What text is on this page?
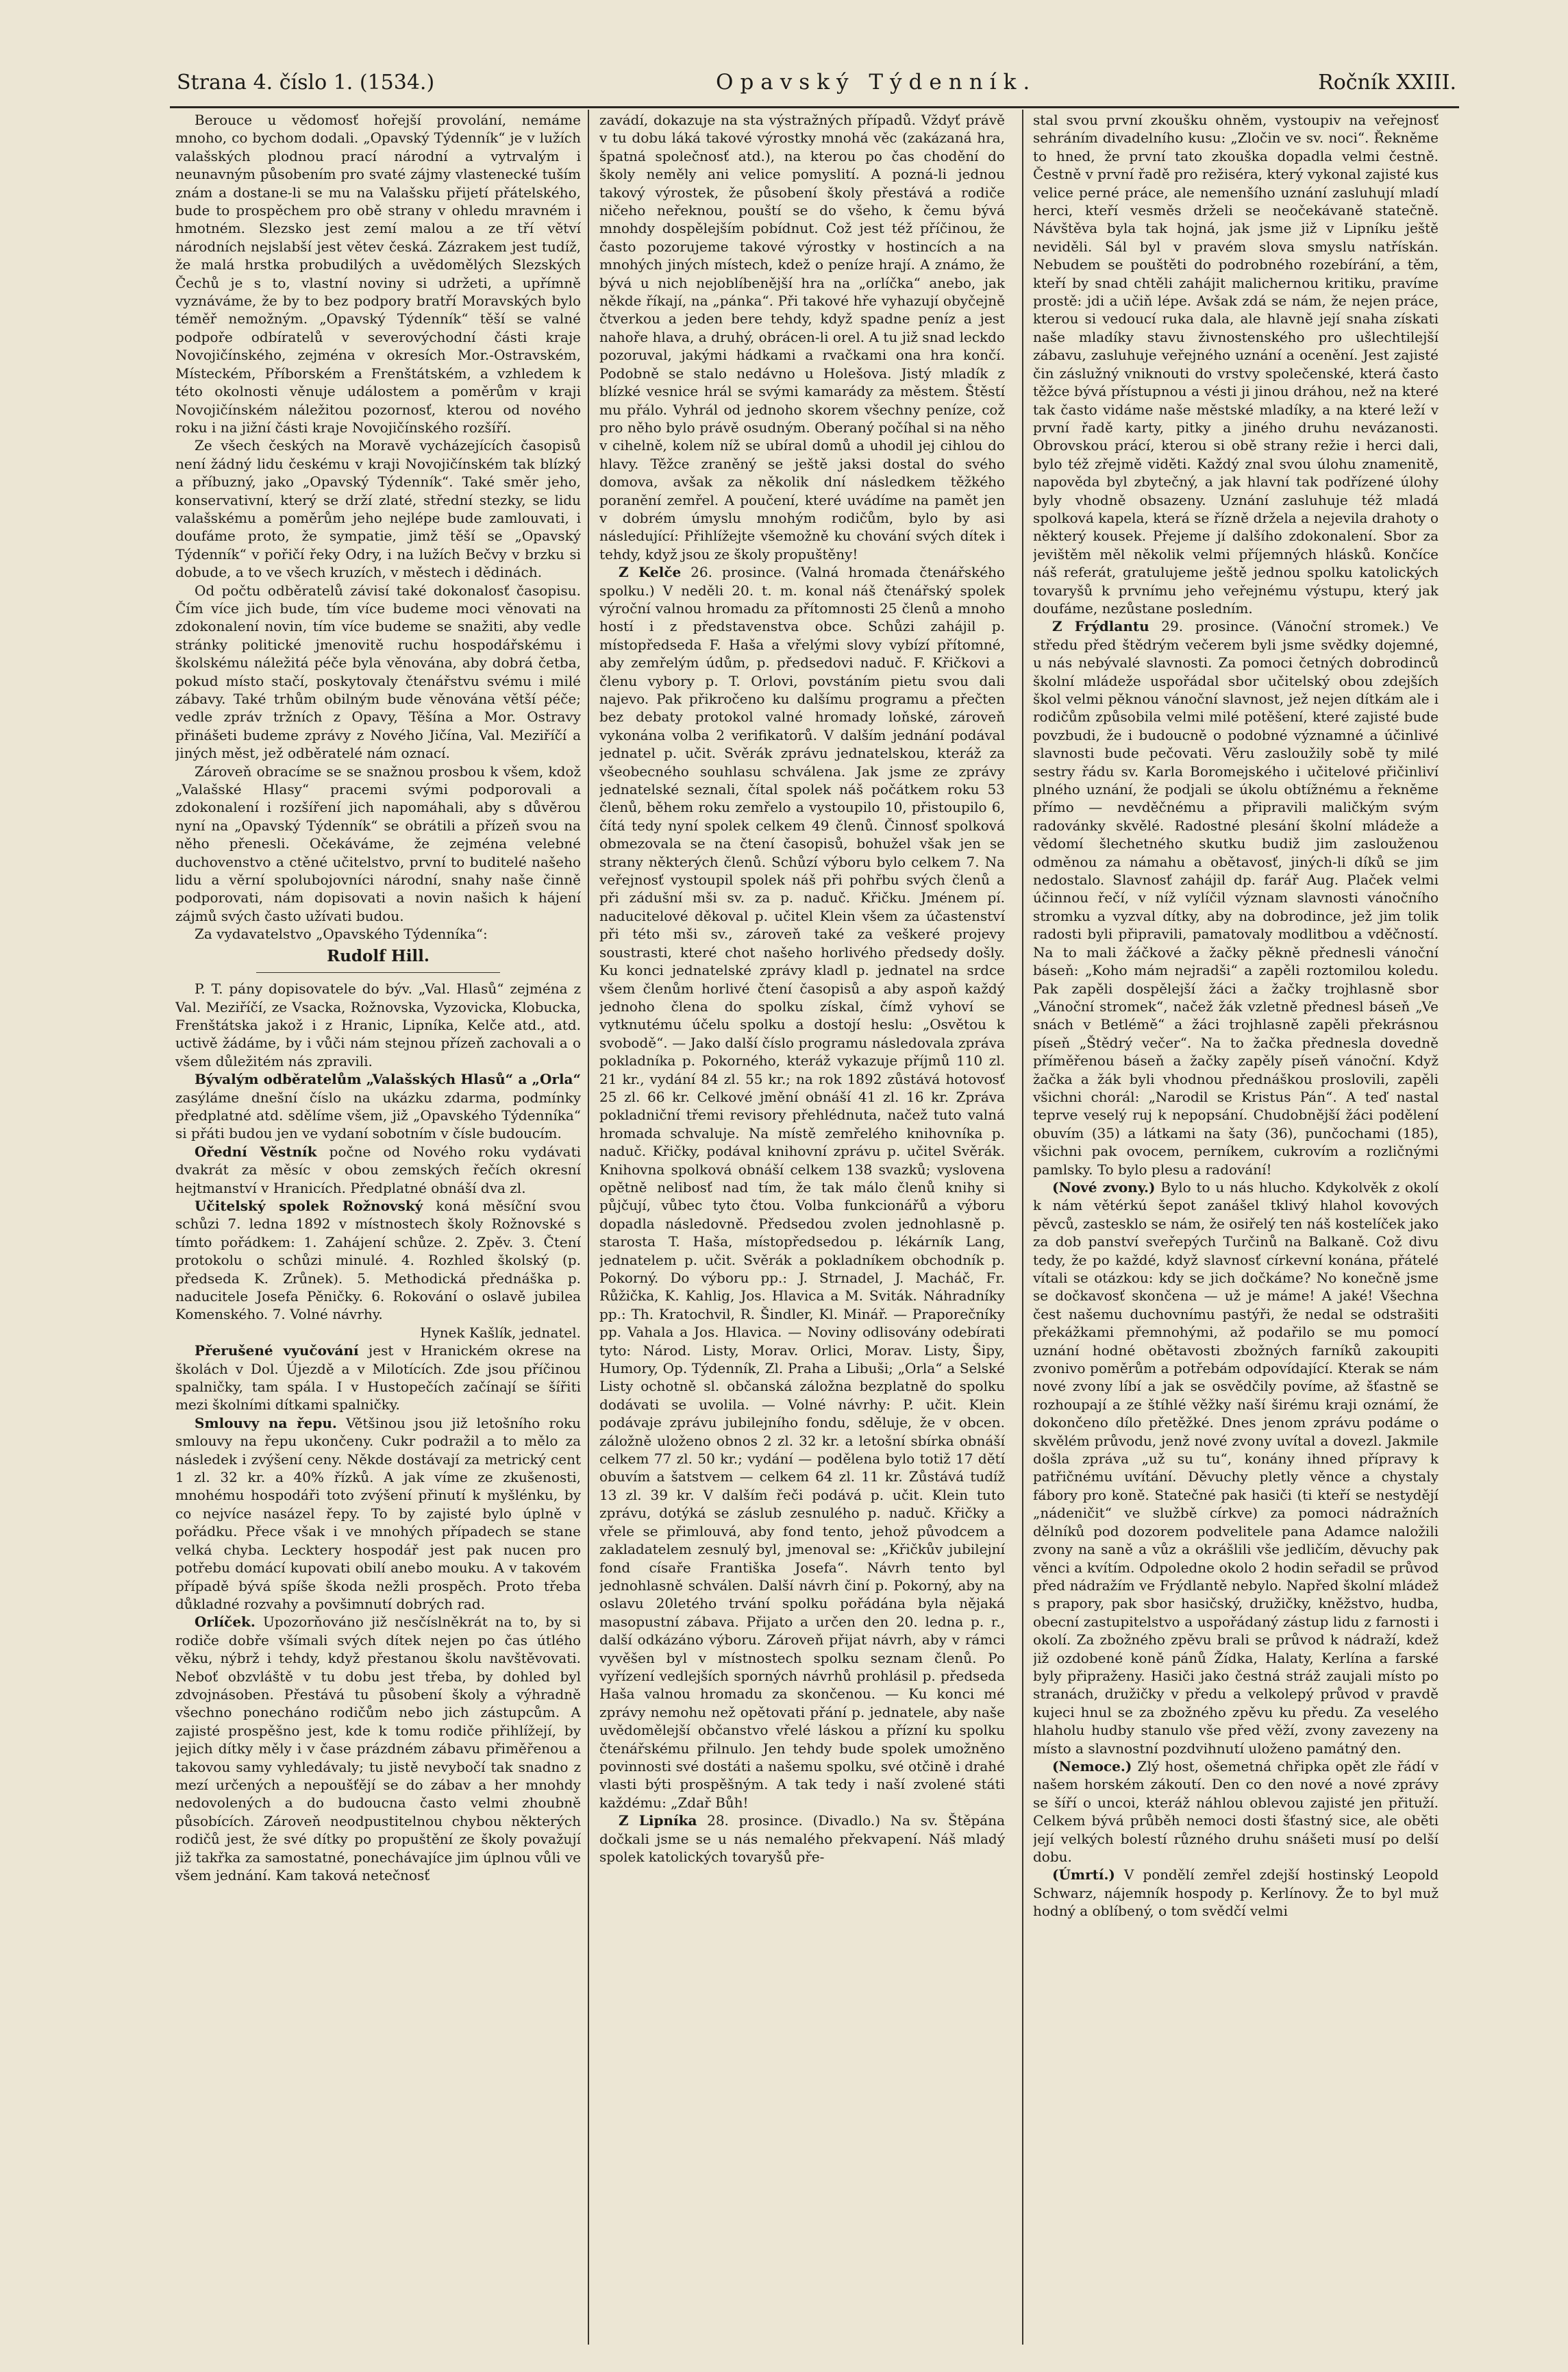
Strana 4. číslo 1. (1534.)	Opavský Týdenník.	Ročník XXIII.

Berouce u vědomosť hořejší provolání, nemáme mnoho, co bychom dodali. „Opavský Týdenník“ je v lužích valašských plodnou prací národní a vytrvalým i neunavným působením pro svaté zájmy vlastenecké tuším znám a dostane-li se mu na Valašsku přijetí přátelského, bude to prospěchem pro obě strany v ohledu mravném i hmotném. Slezsko jest zemí malou a ze tří větví národních nejslabší jest větev česká. Zázrakem jest tudíž, že malá hrstka probudilých a uvědomělých Slezských Čechů je s to, vlastní noviny si udržeti, a upřímně vyznáváme, že by to bez podpory bratří Moravských bylo téměř nemožným. „Opavský Týdenník“ těší se valné podpoře odbíratelů v severovýchodní části kraje Novojičínského, zejména v okresích Mor.-Ostravském, Místeckém, Příborském a Frenštátském, a vzhledem k této okolnosti věnuje událostem a poměrům v kraji Novojičínském náležitou pozornosť, kterou od nového roku i na jižní části kraje Novojičínského rozšíří.

Ze všech českých na Moravě vycházejících časopisů není žádný lidu českému v kraji Novojičínském tak blízký a příbuzný, jako „Opavský Týdenník“. Také směr jeho, konservativní, který se drží zlaté, střední stezky, se lidu valašskému a poměrům jeho nejlépe bude zamlouvati, i doufáme proto, že sympatie, jimž těší se „Opavský Týdenník“ v pořičí řeky Odry, i na lužích Bečvy v brzku si dobude, a to ve všech kruzích, v městech i dědinách.

Od počtu odběratelů závisí také dokonalosť časopisu. Čím více jich bude, tím více budeme moci věnovati na zdokonalení novin, tím více budeme se snažiti, aby vedle stránky politické jmenovitě ruchu hospodářskému i školskému náležitá péče byla věnována, aby dobrá četba, pokud místo stačí, poskytovaly čtenářstvu svému i milé zábavy. Také trhům obilným bude věnována větší péče; vedle zpráv tržních z Opavy, Těšína a Mor. Ostravy přinášeti budeme zprávy z Nového Jičína, Val. Meziříčí a jiných měst, jež odběratelé nám oznací.

Zároveň obracíme se se snažnou prosbou k všem, kdož „Valašské Hlasy“ pracemi svými podporovali a zdokonalení i rozšíření jich napomáhali, aby s důvěrou nyní na „Opavský Týdenník“ se obrátili a přízeň svou na něho přenesli. Očekáváme, že zejména velebné duchovenstvo a ctěné učitelstvo, první to buditelé našeho lidu a věrní spolubojovníci národní, snahy naše činně podporovati, nám dopisovati a novin našich k hájení zájmů svých často užívati budou.

Za vydavatelstvo „Opavského Týdenníka“:

Rudolf Hill.

P. T. pány dopisovatele do býv. „Val. Hlasů“ zejména z Val. Meziříčí, ze Vsacka, Rožnovska, Vyzovicka, Klobucka, Frenštátska jakož i z Hranic, Lipníka, Kelče atd., atd. uctivě žádáme, by i vůči nám stejnou přízeň zachovali a o všem důležitém nás zpravili.

Bývalým odběratelům „Valašských Hlasů“ a „Orla“ zasýláme dnešní číslo na ukázku zdarma, podmínky předplatné atd. sdělíme všem, již „Opavského Týdenníka“ si přáti budou jen ve vydaní sobotním v čísle budoucím.

Ořední Věstník počne od Nového roku vydávati dvakrát za měsíc v obou zemských řečích okresní hejtmanství v Hranicích. Předplatné obnáší dva zl.

Učitelský spolek Rožnovský koná měsíční svou schůzi 7. ledna 1892 v místnostech školy Rožnovské s tímto pořádkem: 1. Zahájení schůze. 2. Zpěv. 3. Čtení protokolu o schůzi minulé. 4. Rozhled školský (p. předseda K. Zrůnek). 5. Methodická přednáška p. naducitele Josefa Pěničky. 6. Rokování o oslavě jubilea Komenského. 7. Volné návrhy.

Hynek Kašlík, jednatel.

Přerušené vyučování jest v Hranickém okrese na školách v Dol. Újezdě a v Milotících. Zde jsou příčinou spalničky, tam spála. I v Hustopečích začínají se šířiti mezi školními dítkami spalničky.

Smlouvy na řepu. Většinou jsou již letošního roku smlouvy na řepu ukončeny. Cukr podražil a to mělo za následek i zvýšení ceny. Někde dostávají za metrický cent 1 zl. 32 kr. a 40% řízků. A jak víme ze zkušenosti, mnohému hospodáři toto zvýšení přinutí k myšlénku, by co nejvíce nasázel řepy. To by zajisté bylo úplně v pořádku. Přece však i ve mnohých případech se stane velká chyba. Lecktery hospodář jest pak nucen pro potřebu domácí kupovati obilí anebo mouku. A v takovém případě bývá spíše škoda nežli prospěch. Proto třeba důkladné rozvahy a povšimnutí dobrých rad.

Orlíček. Upozorňováno již nesčíslněkrát na to, by si rodiče dobře všímali svých dítek nejen po čas útlého věku, nýbrž i tehdy, když přestanou školu navštěvovati. Neboť obzvláště v tu dobu jest třeba, by dohled byl zdvojnásoben. Přestává tu působení školy a výhradně všechno ponecháno rodičům nebo jich zástupcům. A zajisté prospěšno jest, kde k tomu rodiče přihlížejí, by jejich dítky měly i v čase prázdném zábavu přiměřenou a takovou samy vyhledávaly; tu jistě nevybočí tak snadno z mezí určených a nepoušťějí se do zábav a her mnohdy nedovolených a do budoucna často velmi zhoubně působících. Zároveň neodpustitelnou chybou některých rodičů jest, že své dítky po propuštění ze školy považují již takřka za samostatné, ponechávajíce jim úplnou vůli ve všem jednání. Kam taková netečnosť

zavádí, dokazuje na sta výstražných případů. Vždyť právě v tu dobu láká takové výrostky mnohá věc (zakázaná hra, špatná společnosť atd.), na kterou po čas chodění do školy neměly ani velice pomyslití. A pozná-li jednou takový výrostek, že působení školy přestává a rodiče ničeho neřeknou, pouští se do všeho, k čemu bývá mnohdy dospělejším pobídnut. Což jest též příčinou, že často pozorujeme takové výrostky v hostincích a na mnohých jiných místech, kdež o peníze hrají. A známo, že bývá u nich nejoblíbenější hra na „orlíčka“ anebo, jak někde říkají, na „pánka“. Při takové hře vyhazují obyčejně čtverkou a jeden bere tehdy, když spadne peníz a jest nahoře hlava, a druhý, obrácen-li orel. A tu již snad leckdo pozoruval, jakými hádkami a rvačkami ona hra končí. Podobně se stalo nedávno u Holešova. Jistý mladík z blízké vesnice hrál se svými kamarády za městem. Štěstí mu přálo. Vyhrál od jednoho skorem všechny peníze, což pro něho bylo právě osudným. Oberaný počíhal si na něho v cihelně, kolem níž se ubíral domů a uhodil jej cihlou do hlavy. Těžce zraněný se ještě jaksi dostal do svého domova, avšak za několik dní následkem těžkého poranění zemřel. A poučení, které uvádíme na pamět jen v dobrém úmyslu mnohým rodičům, bylo by asi následující: Přihlížejte všemožně ku chování svých dítek i tehdy, když jsou ze školy propuštěny!

Z Kelče 26. prosince. (Valná hromada čtenářského spolku.) V neděli 20. t. m. konal náš čtenářský spolek výroční valnou hromadu za přítomnosti 25 členů a mnoho hostí i z představenstva obce. Schůzi zahájil p. místopředseda F. Haša a vřelými slovy vybízí přítomné, aby zemřelým údům, p. předsedovi naduč. F. Křičkovi a členu vybory p. T. Orlovi, povstáním pietu svou dali najevo. Pak přikročeno ku dalšímu programu a přečten bez debaty protokol valné hromady loňské, zároveň vykonána volba 2 verifikatorů. V dalším jednání podával jednatel p. učit. Svěrák zprávu jednatelskou, kteráž za všeobecného souhlasu schválena. Jak jsme ze zprávy jednatelské seznali, čítal spolek náš počátkem roku 53 členů, během roku zemřelo a vystoupilo 10, přistoupilo 6, čítá tedy nyní spolek celkem 49 členů. Činnosť spolková obmezovala se na čtení časopisů, bohužel však jen se strany některých členů. Schůzí výboru bylo celkem 7. Na veřejnosť vystoupil spolek náš při pohřbu svých členů a při zádušní mši sv. za p. naduč. Křičku. Jménem pí. naducitelové děkoval p. učitel Klein všem za účastenství při této mši sv., zároveň také za veškeré projevy soustrasti, které chot našeho horlivého předsedy došly. Ku konci jednatelské zprávy kladl p. jednatel na srdce všem členům horlivé čtení časopisů a aby aspoň každý jednoho člena do spolku získal, čímž vyhoví se vytknutému účelu spolku a dostojí heslu: „Osvětou k svobodě“. — Jako další číslo programu následovala zpráva pokladníka p. Pokorného, kteráž vykazuje příjmů 110 zl. 21 kr., vydání 84 zl. 55 kr.; na rok 1892 zůstává hotovosť 25 zl. 66 kr. Celkové jmění obnáší 41 zl. 16 kr. Zpráva pokladniční třemi revisory přehlédnuta, načež tuto valná hromada schvaluje. Na místě zemřelého knihovníka p. naduč. Křičky, podával knihovní zprávu p. učitel Svěrák. Knihovna spolková obnáší celkem 138 svazků; vyslovena opětně nelibosť nad tím, že tak málo členů knihy si půjčují, vůbec tyto čtou. Volba funkcionářů a výboru dopadla následovně. Předsedou zvolen jednohlasně p. starosta T. Haša, místopředsedou p. lékárník Lang, jednatelem p. učit. Svěrák a pokladníkem obchodník p. Pokorný. Do výboru pp.: J. Strnadel, J. Macháč, Fr. Růžička, K. Kahlig, Jos. Hlavica a M. Sviták. Náhradníky pp.: Th. Kratochvil, R. Šindler, Kl. Minář. — Praporečníky pp. Vahala a Jos. Hlavica. — Noviny odlisovány odebírati tyto: Národ. Listy, Morav. Orlici, Morav. Listy, Šipy, Humory, Op. Týdenník, Zl. Praha a Libuši; „Orla“ a Selské Listy ochotně sl. občanská záložna bezplatně do spolku dodávati se uvolila. — Volné návrhy: P. učit. Klein podávaje zprávu jubilejního fondu, sděluje, že v obcen. záložně uloženo obnos 2 zl. 32 kr. a letošní sbírka obnáší celkem 77 zl. 50 kr.; vydání — podělena bylo totiž 17 dětí obuvím a šatstvem — celkem 64 zl. 11 kr. Zůstává tudíž 13 zl. 39 kr. V dalším řeči podává p. učit. Klein tuto zprávu, dotýká se záslub zesnulého p. naduč. Křičky a vřele se přimlouvá, aby fond tento, jehož původcem a zakladatelem zesnulý byl, jmenoval se: „Křičkův jubilejní fond císaře Františka Josefa“. Návrh tento byl jednohlasně schválen. Další návrh činí p. Pokorný, aby na oslavu 20letého trvání spolku pořádána byla nějaká masopustní zábava. Přijato a určen den 20. ledna p. r., další odkázáno výboru. Zároveň přijat návrh, aby v rámci vyvěšen byl v místnostech spolku seznam členů. Po vyřízení vedlejších sporných návrhů prohlásil p. předseda Haša valnou hromadu za skončenou. — Ku konci mé zprávy nemohu než opětovati přání p. jednatele, aby naše uvědomělejší občanstvo vřelé láskou a přízní ku spolku čtenářskému přilnulo. Jen tehdy bude spolek umožněno povinnosti své dostáti a našemu spolku, své otčině i drahé vlasti býti prospěšným. A tak tedy i naší zvolené státi každému: „Zdař Bůh!

Z Lipníka 28. prosince. (Divadlo.) Na sv. Štěpána dočkali jsme se u nás nemalého překvapení. Náš mladý spolek katolických tovaryšů pře-

stal svou první zkoušku ohněm, vystoupiv na veřejnosť sehráním divadelního kusu: „Zločin ve sv. noci“. Řekněme to hned, že první tato zkouška dopadla velmi čestně. Čestně v první řadě pro režiséra, který vykonal zajisté kus velice perné práce, ale nemenšího uznání zasluhují mladí herci, kteří vesměs drželi se neočekávaně statečně. Návštěva byla tak hojná, jak jsme již v Lipníku ještě neviděli. Sál byl v pravém slova smyslu natřískán. Nebudem se pouštěti do podrobného rozebírání, a těm, kteří by snad chtěli zahájit malichernou kritiku, pravíme prostě: jdi a učiň lépe. Avšak zdá se nám, že nejen práce, kterou si vedoucí ruka dala, ale hlavně její snaha získati naše mladíky stavu živnostenského pro ušlechtilejší zábavu, zasluhuje veřejného uznání a ocenění. Jest zajisté čin záslužný vniknouti do vrstvy společenské, která často těžce bývá přístupnou a vésti ji jinou dráhou, než na které tak často vidáme naše městské mladíky, a na které leží v první řadě karty, pitky a jiného druhu nevázanosti. Obrovskou prácí, kterou si obě strany režie i herci dali, bylo též zřejmě viděti. Každý znal svou úlohu znamenitě, napověda byl zbytečný, a jak hlavní tak podřízené úlohy byly vhodně obsazeny. Uznání zasluhuje též mladá spolková kapela, která se řízně držela a nejevila drahoty o některý kousek. Přejeme jí dalšího zdokonalení. Sbor za jevištěm měl několik velmi příjemných hlásků. Končíce náš referát, gratulujeme ještě jednou spolku katolických tovaryšů k prvnímu jeho veřejnému výstupu, který jak doufáme, nezůstane posledním.

Z Frýdlantu 29. prosince. (Vánoční stromek.) Ve středu před štědrým večerem byli jsme svědky dojemné, u nás nebývalé slavnosti. Za pomoci četných dobrodinců školní mládeže uspořádal sbor učitelský obou zdejších škol velmi pěknou vánoční slavnost, jež nejen dítkám ale i rodičům způsobila velmi milé potěšení, které zajisté bude povzbudi, že i budoucně o podobné významné a účinlivé slavnosti bude pečovati. Věru zasloužily sobě ty milé sestry řádu sv. Karla Boromejského i učitelové přičinliví plného uznání, že podjali se úkolu obtížnému a řekněme přímo — nevděčnému a připravili maličkým svým radovánky skvělé. Radostné plesání školní mládeže a vědomí šlechetného skutku budiž jim zaslouženou odměnou za námahu a obětavosť, jiných-li díků se jim nedostalo. Slavnosť zahájil dp. farář Aug. Plaček velmi účinnou řečí, v níž vylíčil význam slavnosti vánočního stromku a vyzval dítky, aby na dobrodince, jež jim tolik radosti byli připravili, pamatovaly modlitbou a vděčností. Na to mali žáčkové a žačky pěkně přednesli vánoční báseň: „Koho mám nejradši“ a zapěli roztomilou koledu. Pak zapěli dospělejší žáci a žačky trojhlasně sbor „Vánoční stromek“, načež žák vzletně přednesl báseň „Ve snách v Betlémě“ a žáci trojhlasně zapěli překrásnou píseň „Štědrý večer“. Na to žačka přednesla dovedně příměřenou báseň a žačky zapěly píseň vánoční. Když žačka a žák byli vhodnou přednáškou proslovili, zapěli všichni chorál: „Narodil se Kristus Pán“. A teď nastal teprve veselý ruj k nepopsání. Chudobnější žáci podělení obuvím (35) a látkami na šaty (36), punčochami (185), všichni pak ovocem, perníkem, cukrovím a rozličnými pamlsky. To bylo plesu a radování!

(Nové zvony.) Bylo to u nás hlucho. Kdykolvěk z okolí k nám větérkú šepot zanášel tklivý hlahol kovových pěvců, zastesklo se nám, že osiřelý ten náš kostelíček jako za dob panství sveřepých Turčinů na Balkaně. Což divu tedy, že po každé, když slavnosť církevní konána, přátelé vítali se otázkou: kdy se jich dočkáme? No konečně jsme se dočkavosť skončena — už je máme! A jaké! Všechna čest našemu duchovnímu pastýři, že nedal se odstrašiti překážkami přemnohými, až podařilo se mu pomocí uznání hodné obětavosti zbožných farníků zakoupiti zvonivo poměrům a potřebám odpovídající. Kterak se nám nové zvony líbí a jak se osvědčily povíme, až šťastně se rozhoupají a ze štíhlé věžky naší širému kraji oznámí, že dokončeno dílo přetěžké. Dnes jenom zprávu podáme o skvělém průvodu, jenž nové zvony uvítal a dovezl. Jakmile došla zpráva „už su tu“, konány ihned přípravy k patřičnému uvítání. Děvuchy pletly věnce a chystaly fábory pro koně. Statečné pak hasiči (ti kteří se nestydějí „nádeničit“ ve službě církve) za pomoci nádražních dělníků pod dozorem podvelitele pana Adamce naložili zvony na saně a vůz a okrášlili vše jedličím, děvuchy pak věnci a kvítím. Odpoledne okolo 2 hodin seřadil se průvod před nádražím ve Frýdlantě nebylo. Napřed školní mládež s prapory, pak sbor hasičský, družičky, kněžstvo, hudba, obecní zastupitelstvo a uspořádaný zástup lidu z farnosti i okolí. Za zbožného zpěvu brali se průvod k nádraží, kdež již ozdobené koně pánů Žídka, Halaty, Kerlína a farské byly připraženy. Hasiči jako čestná stráž zaujali místo po stranách, družičky v předu a velkolepý průvod v pravdě kujeci hnul se za zbožného zpěvu ku předu. Za veselého hlaholu hudby stanulo vše před věží, zvony zavezeny na místo a slavnostní pozdvihnutí uloženo památný den.

(Nemoce.) Zlý host, ošemetná chřipka opět zle řádí v našem horském zákoutí. Den co den nové a nové zprávy se šíří o uncoi, kteráž náhlou oblevou zajisté jen přituží. Celkem bývá průběh nemoci dosti šťastný sice, ale oběti její velkých bolestí různého druhu snášeti musí po delší dobu.

(Úmrtí.) V pondělí zemřel zdejší hostinský Leopold Schwarz, nájemník hospody p. Kerlínovy. Že to byl muž hodný a oblíbený, o tom svědčí velmi
